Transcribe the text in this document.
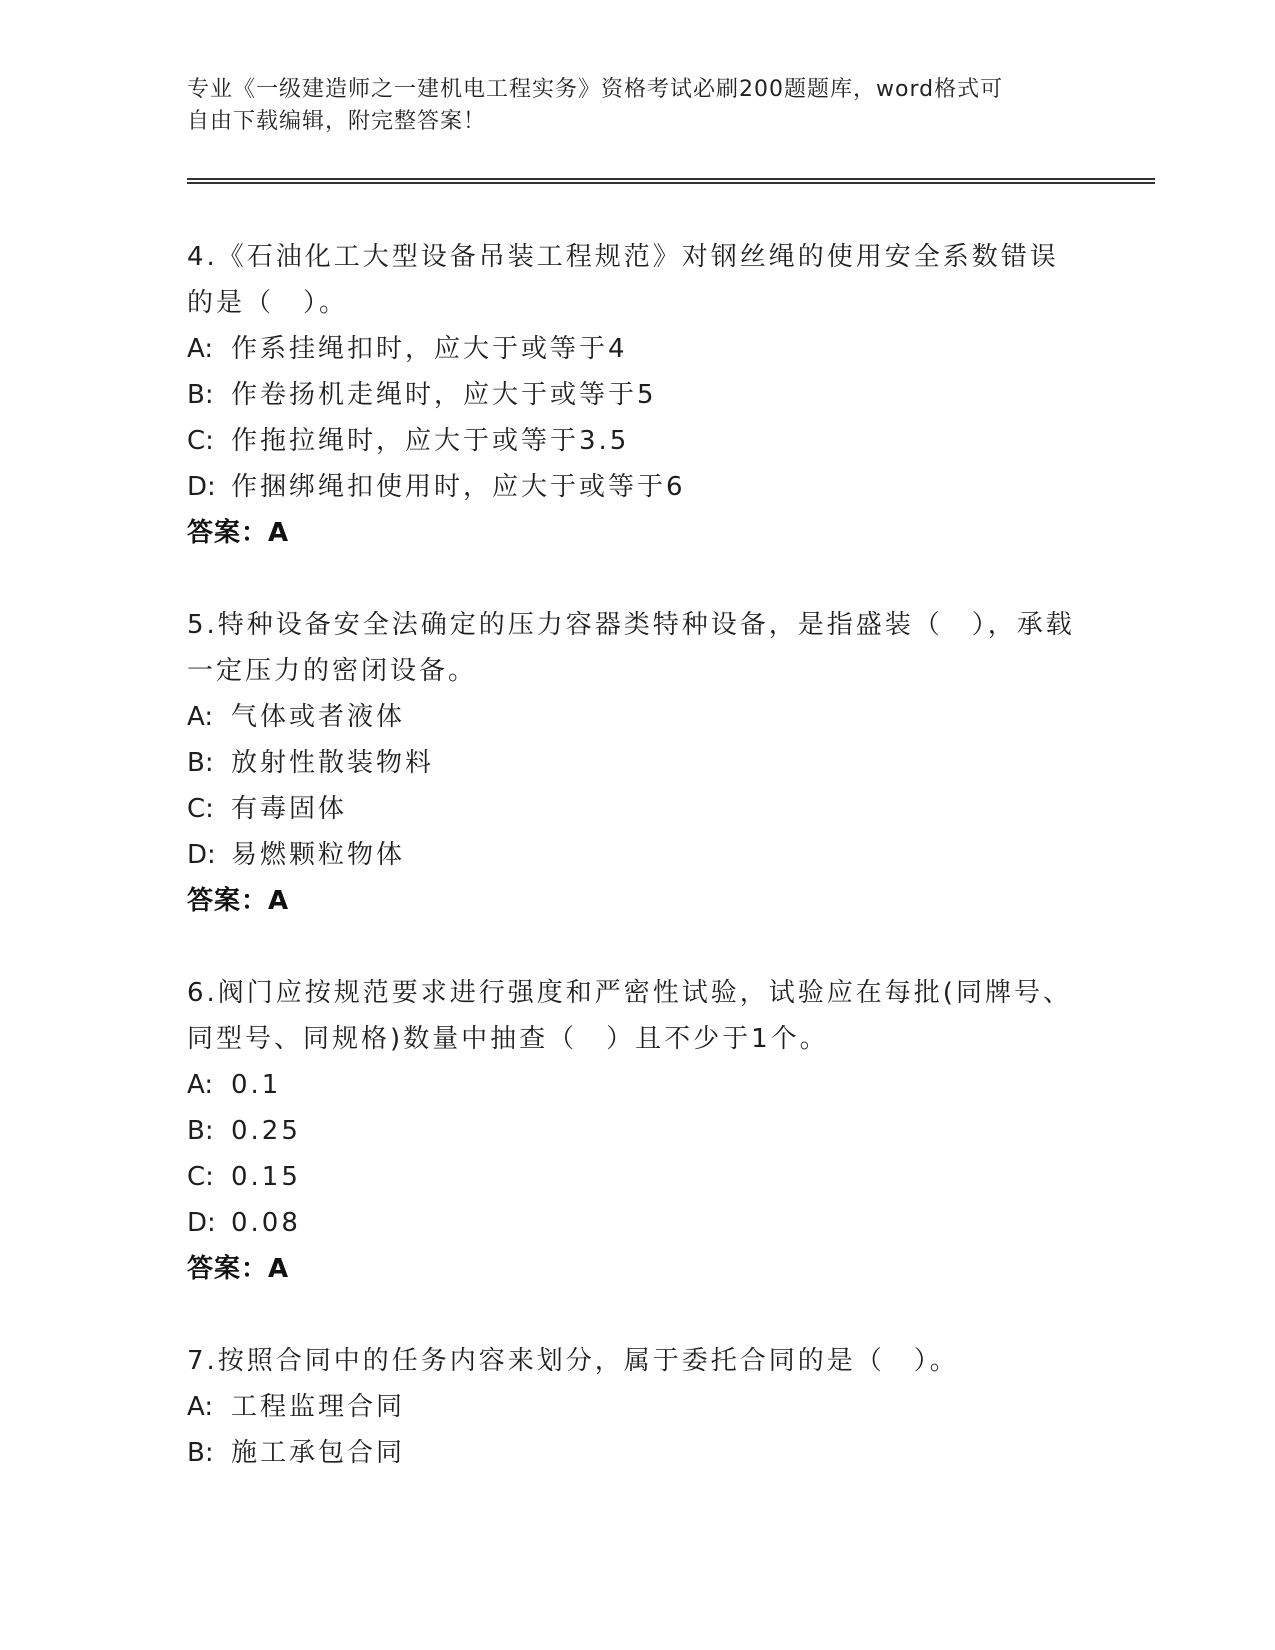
专业《一级建造师之一建机电工程实务》资格考试必刷200题题库，word格式可
自由下载编辑，附完整答案！
4.《石油化工大型设备吊装工程规范》对钢丝绳的使用安全系数错误的是（　）。
A: 作系挂绳扣时，应大于或等于4
B: 作卷扬机走绳时，应大于或等于5
C: 作拖拉绳时，应大于或等于3.5
D: 作捆绑绳扣使用时，应大于或等于6
答案：A
5.特种设备安全法确定的压力容器类特种设备，是指盛装（　），承载一定压力的密闭设备。
A: 气体或者液体
B: 放射性散装物料
C: 有毒固体
D: 易燃颗粒物体
答案：A
6.阀门应按规范要求进行强度和严密性试验，试验应在每批(同牌号、同型号、同规格)数量中抽查（　）且不少于1个。
A: 0.1
B: 0.25
C: 0.15
D: 0.08
答案：A
7.按照合同中的任务内容来划分，属于委托合同的是（　）。
A: 工程监理合同
B: 施工承包合同
